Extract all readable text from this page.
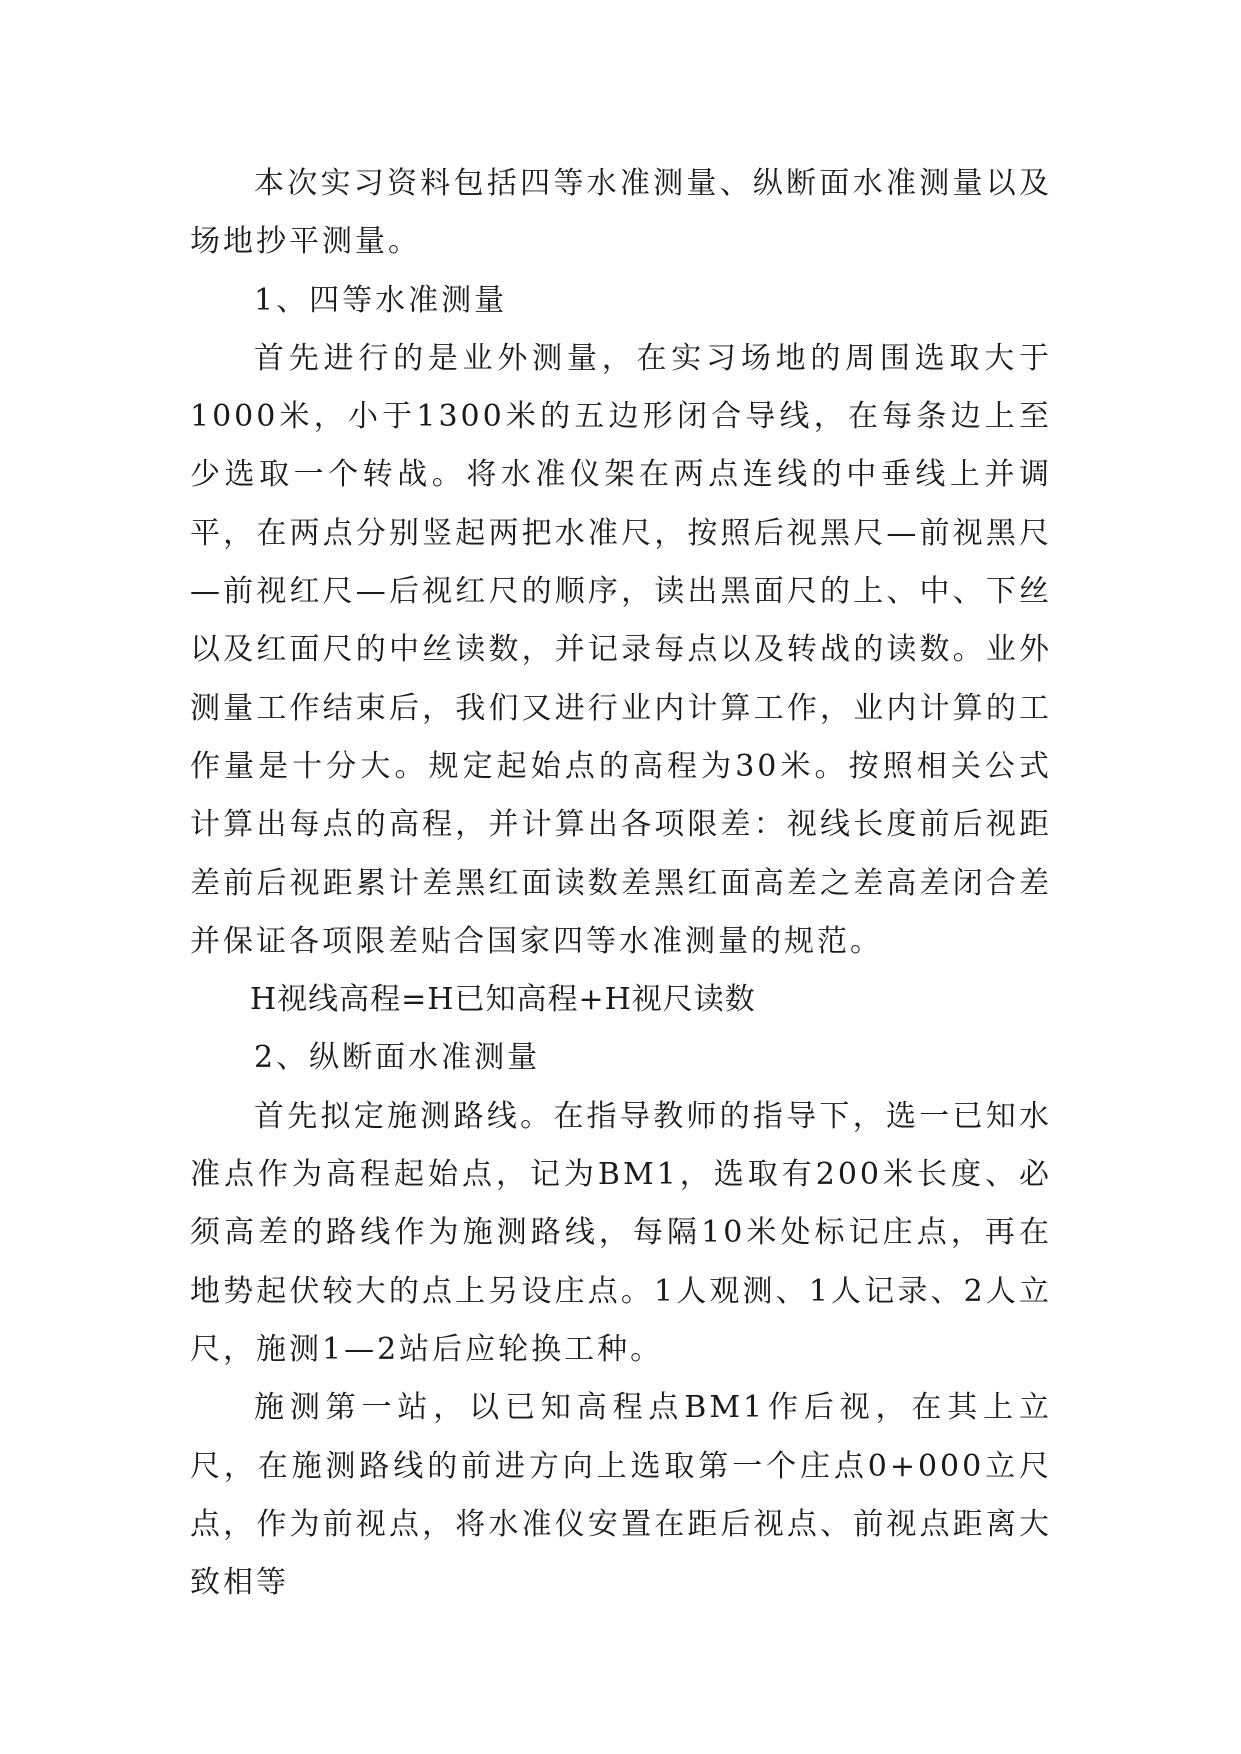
本次实习资料包括四等水准测量、纵断面水准测量以及场地抄平测量。

1、四等水准测量

首先进行的是业外测量，在实习场地的周围选取大于1000米，小于1300米的五边形闭合导线，在每条边上至少选取一个转战。将水准仪架在两点连线的中垂线上并调平，在两点分别竖起两把水准尺，按照后视黑尺—前视黑尺—前视红尺—后视红尺的顺序，读出黑面尺的上、中、下丝以及红面尺的中丝读数，并记录每点以及转战的读数。业外测量工作结束后，我们又进行业内计算工作，业内计算的工作量是十分大。规定起始点的高程为30米。按照相关公式计算出每点的高程，并计算出各项限差：视线长度前后视距差前后视距累计差黑红面读数差黑红面高差之差高差闭合差并保证各项限差贴合国家四等水准测量的规范。

H视线高程=H已知高程+H视尺读数

2、纵断面水准测量

首先拟定施测路线。在指导教师的指导下，选一已知水准点作为高程起始点，记为BM1，选取有200米长度、必须高差的路线作为施测路线，每隔10米处标记庄点，再在地势起伏较大的点上另设庄点。1人观测、1人记录、2人立尺，施测1—2站后应轮换工种。

施测第一站，以已知高程点BM1作后视，在其上立尺，在施测路线的前进方向上选取第一个庄点0+000立尺点，作为前视点，将水准仪安置在距后视点、前视点距离大致相等
